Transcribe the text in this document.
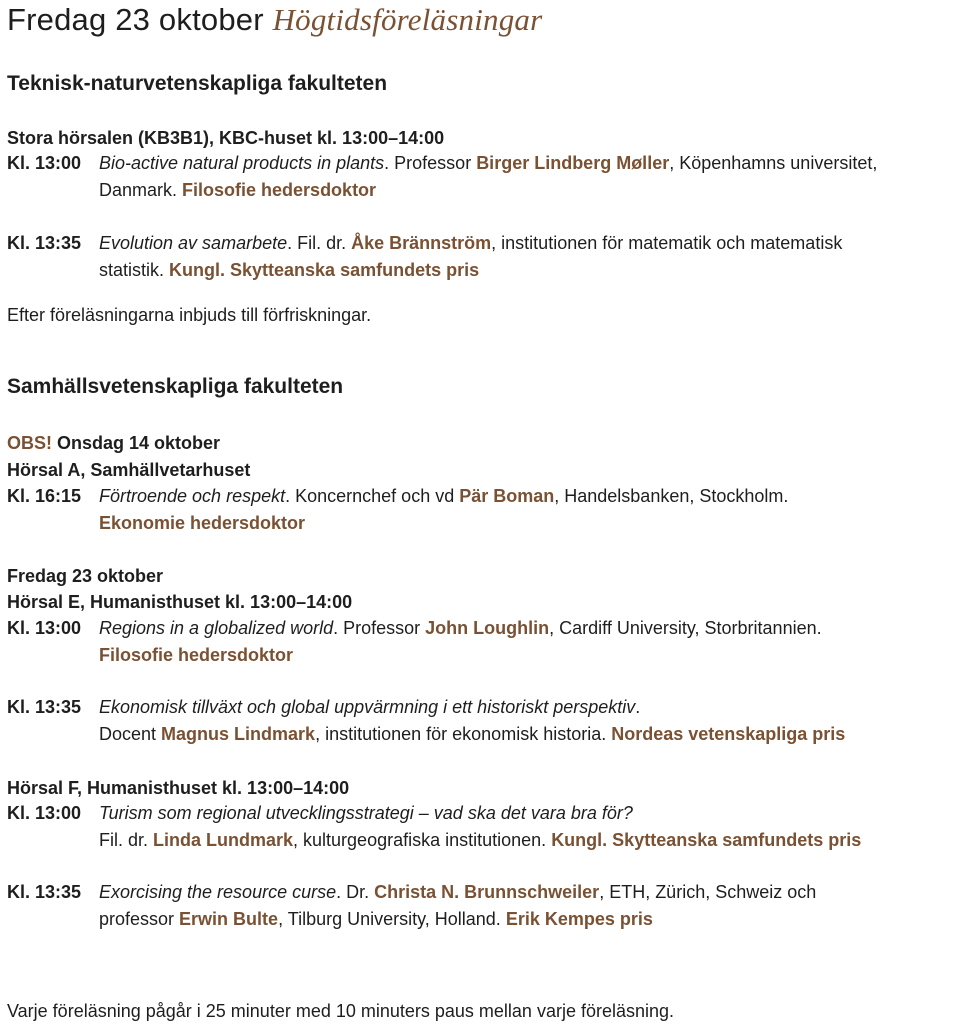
Fredag 23 oktober Högtidsföreläsningar
Teknisk-naturvetenskapliga fakulteten
Stora hörsalen (KB3B1), KBC-huset kl. 13:00–14:00
Kl. 13:00 Bio-active natural products in plants. Professor Birger Lindberg Møller, Köpenhamns universitet,
Danmark. Filosofie hedersdoktor
Kl. 13:35 Evolution av samarbete. Fil. dr. Åke Brännström, institutionen för matematik och matematisk
statistik. Kungl. Skytteanska samfundets pris
Efter föreläsningarna inbjuds till förfriskningar.
Samhällsvetenskapliga fakulteten
OBS! Onsdag 14 oktober
Hörsal A, Samhällvetarhuset
Kl. 16:15 Förtroende och respekt. Koncernchef och vd Pär Boman, Handelsbanken, Stockholm.
Ekonomie hedersdoktor
Fredag 23 oktober
Hörsal E, Humanisthuset kl. 13:00–14:00
Kl. 13:00 Regions in a globalized world. Professor John Loughlin, Cardiff University, Storbritannien.
Filosofie hedersdoktor
Kl. 13:35 Ekonomisk tillväxt och global uppvärmning i ett historiskt perspektiv.
Docent Magnus Lindmark, institutionen för ekonomisk historia. Nordeas vetenskapliga pris
Hörsal F, Humanisthuset kl. 13:00–14:00
Kl. 13:00 Turism som regional utvecklingsstrategi – vad ska det vara bra för?
Fil. dr. Linda Lundmark, kulturgeografiska institutionen. Kungl. Skytteanska samfundets pris
Kl. 13:35 Exorcising the resource curse. Dr. Christa N. Brunnschweiler, ETH, Zürich, Schweiz och
professor Erwin Bulte, Tilburg University, Holland. Erik Kempes pris
Varje föreläsning pågår i 25 minuter med 10 minuters paus mellan varje föreläsning.
